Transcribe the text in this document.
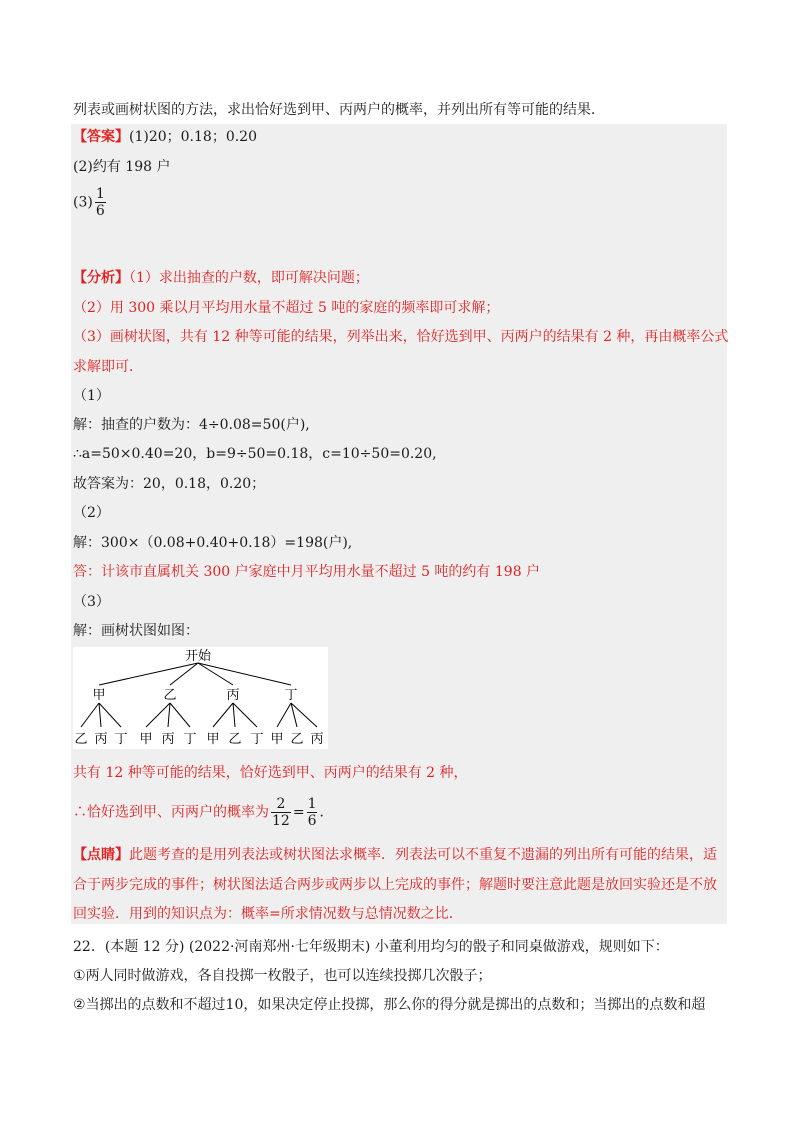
列表或画树状图的方法，求出恰好选到甲、丙两户的概率，并列出所有等可能的结果．
【答案】(1)20；0.18；0.20
(2)约有 198 户
$(3) \frac{1}{6}$
【分析】（1）求出抽查的户数，即可解决问题；
（2）用 300 乘以月平均用水量不超过 5 吨的家庭的频率即可求解；
（3）画树状图，共有 12 种等可能的结果，列举出来，恰好选到甲、丙两户的结果有 2 种，再由概率公式
求解即可．
（1）
解：抽查的户数为：4÷0.08=50(户),
∴a=50×0.40=20，b=9÷50=0.18，c=10÷50=0.20,
故答案为：20，0.18，0.20；
（2）
解：300×（0.08+0.40+0.18）=198(户),
答：计该市直属机关 300 户家庭中月平均用水量不超过 5 吨的约有 198 户
（3）
解：画树状图如图：
开始
甲	乙	丙	丁
乙 丙 丁 甲 丙 丁 甲 乙 丁 甲 乙 丙
共有 12 种等可能的结果，恰好选到甲、丙两户的结果有 2 种，
∴恰好选到甲、丙两户的概率为 $\frac{2}{12} = \frac{1}{6}$ ．
【点睛】此题考查的是用列表法或树状图法求概率．列表法可以不重复不遗漏的列出所有可能的结果，适
合于两步完成的事件；树状图法适合两步或两步以上完成的事件；解题时要注意此题是放回实验还是不放
回实验．用到的知识点为：概率=所求情况数与总情况数之比．
22．(本题 12 分) (2022·河南郑州·七年级期末) 小董利用均匀的骰子和同桌做游戏，规则如下：
①两人同时做游戏，各自投掷一枚骰子，也可以连续投掷几次骰子；
②当掷出的点数和不超过10，如果决定停止投掷，那么你的得分就是掷出的点数和；当掷出的点数和超
